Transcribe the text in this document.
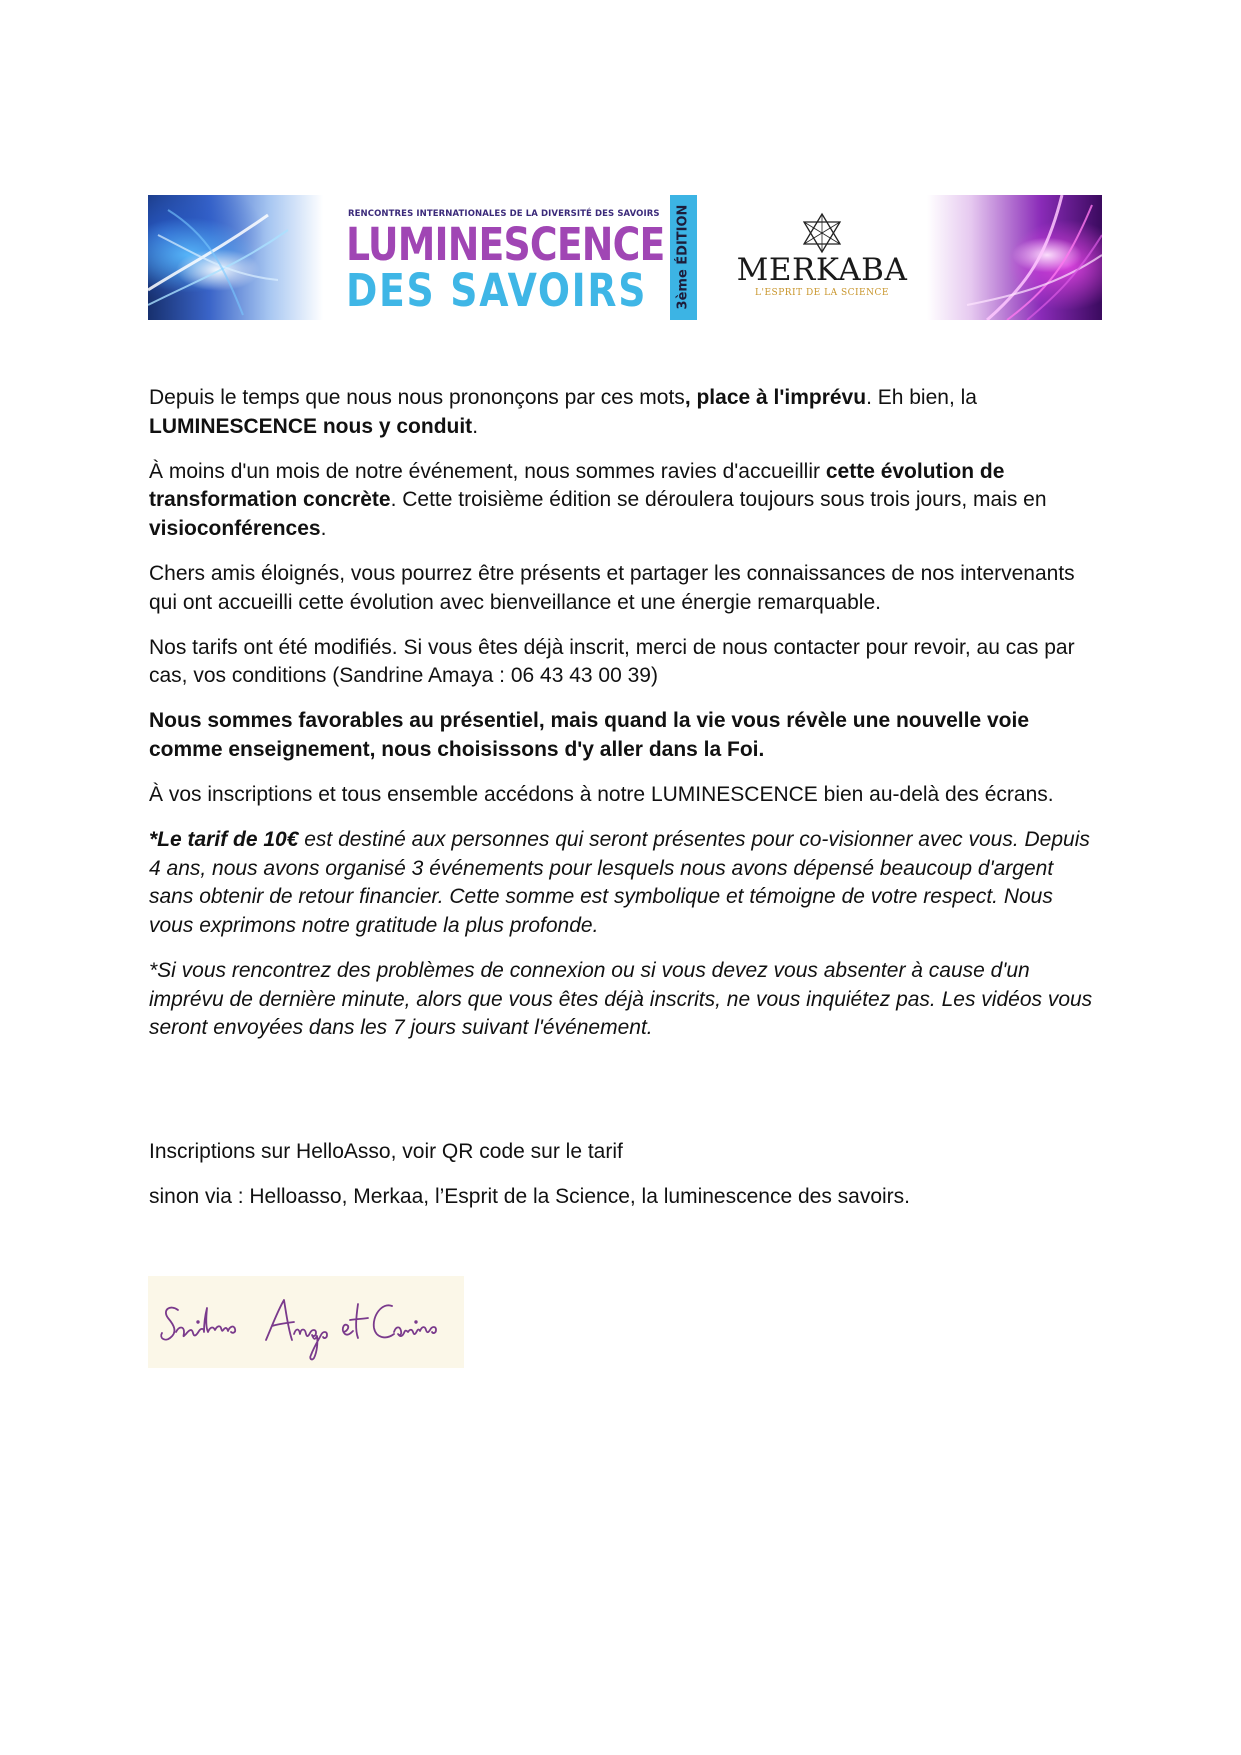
RENCONTRES INTERNATIONALES DE LA DIVERSITÉ DES SAVOIRS
LUMINESCENCE
DES SAVOIRS 3ème ÉDITION MERKABA
L'ESPRIT DE LA SCIENCE

Depuis le temps que nous nous prononçons par ces mots, place à l'imprévu. Eh bien, la
LUMINESCENCE nous y conduit.

À moins d'un mois de notre événement, nous sommes ravies d'accueillir cette évolution de transformation concrète. Cette troisième édition se déroulera toujours sous trois jours, mais en visioconférences.

Chers amis éloignés, vous pourrez être présents et partager les connaissances de nos intervenants qui ont accueilli cette évolution avec bienveillance et une énergie remarquable.

Nos tarifs ont été modifiés. Si vous êtes déjà inscrit, merci de nous contacter pour revoir, au cas par cas, vos conditions (Sandrine Amaya : 06 43 43 00 39)

Nous sommes favorables au présentiel, mais quand la vie vous révèle une nouvelle voie comme enseignement, nous choisissons d'y aller dans la Foi.

À vos inscriptions et tous ensemble accédons à notre LUMINESCENCE bien au-delà des écrans.

*Le tarif de 10€ est destiné aux personnes qui seront présentes pour co-visionner avec vous. Depuis 4 ans, nous avons organisé 3 événements pour lesquels nous avons dépensé beaucoup d'argent sans obtenir de retour financier. Cette somme est symbolique et témoigne de votre respect. Nous vous exprimons notre gratitude la plus profonde.

*Si vous rencontrez des problèmes de connexion ou si vous devez vous absenter à cause d'un imprévu de dernière minute, alors que vous êtes déjà inscrits, ne vous inquiétez pas. Les vidéos vous seront envoyées dans les 7 jours suivant l'événement.

Inscriptions sur HelloAsso, voir QR code sur le tarif
sinon via : Helloasso, Merkaa, l’Esprit de la Science, la luminescence des savoirs.
